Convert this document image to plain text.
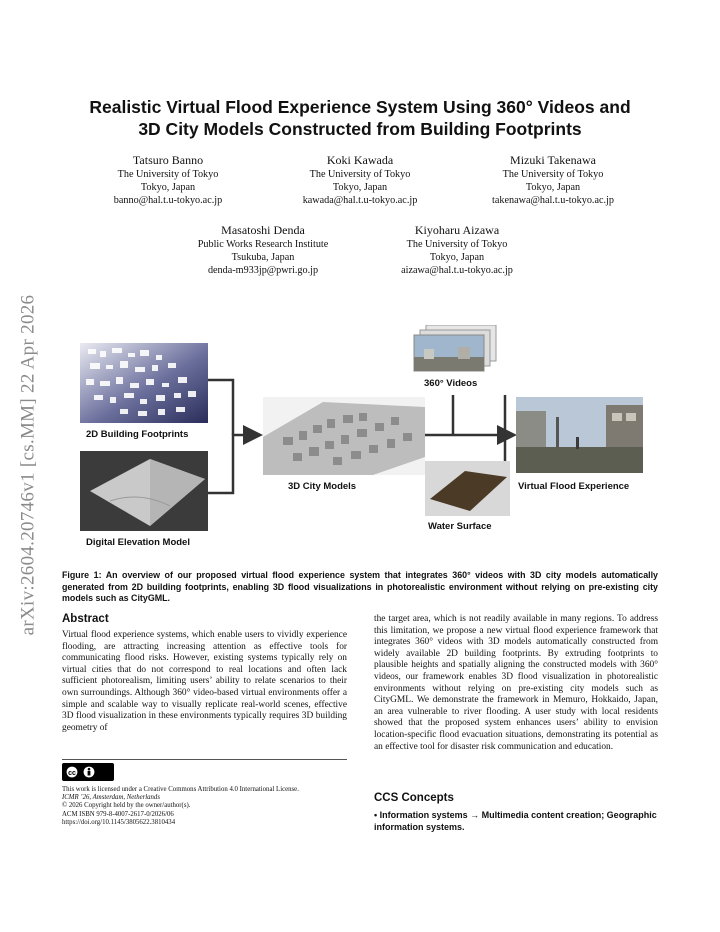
arXiv:2604.20746v1 [cs.MM] 22 Apr 2026
Realistic Virtual Flood Experience System Using 360° Videos and
3D City Models Constructed from Building Footprints
Tatsuro Banno
The University of Tokyo
Tokyo, Japan
banno@hal.t.u-tokyo.ac.jp
Koki Kawada
The University of Tokyo
Tokyo, Japan
kawada@hal.t.u-tokyo.ac.jp
Mizuki Takenawa
The University of Tokyo
Tokyo, Japan
takenawa@hal.t.u-tokyo.ac.jp
Masatoshi Denda
Public Works Research Institute
Tsukuba, Japan
denda-m933jp@pwri.go.jp
Kiyoharu Aizawa
The University of Tokyo
Tokyo, Japan
aizawa@hal.t.u-tokyo.ac.jp
2D Building Footprints
Digital Elevation Model
3D City Models
360° Videos
Water Surface
Virtual Flood Experience
Figure 1: An overview of our proposed virtual flood experience system that integrates 360° videos with 3D city models automatically generated from 2D building footprints, enabling 3D flood visualizations in photorealistic environment without relying on pre-existing city models such as CityGML.
Abstract
Virtual flood experience systems, which enable users to vividly experience flooding, are attracting increasing attention as effective tools for communicating flood risks. However, existing systems typically rely on virtual cities that do not correspond to real locations and often lack sufficient photorealism, limiting users’ ability to relate scenarios to their own surroundings. Although 360° video-based virtual environments offer a simple and scalable way to visually replicate real-world scenes, effective 3D flood visualization in these environments typically requires 3D building geometry of
the target area, which is not readily available in many regions. To address this limitation, we propose a new virtual flood experience framework that integrates 360° videos with 3D models automatically constructed from widely available 2D building footprints. By extruding footprints to plausible heights and spatially aligning the constructed models with 360° videos, our framework enables 3D flood visualization in photorealistic environments without relying on pre-existing city models such as CityGML. We demonstrate the framework in Memuro, Hokkaido, Japan, an area vulnerable to river flooding. A user study with local residents showed that the proposed system enhances users’ ability to envision location-specific flood evacuation situations, demonstrating its potential as an effective tool for disaster risk communication and education.
cc
This work is licensed under a Creative Commons Attribution 4.0 International License.
ICMR ’26, Amsterdam, Netherlands
© 2026 Copyright held by the owner/author(s).
ACM ISBN 979-8-4007-2617-0/2026/06
https://doi.org/10.1145/3805622.3810434
CCS Concepts
• Information systems → Multimedia content creation; Geographic information systems.
